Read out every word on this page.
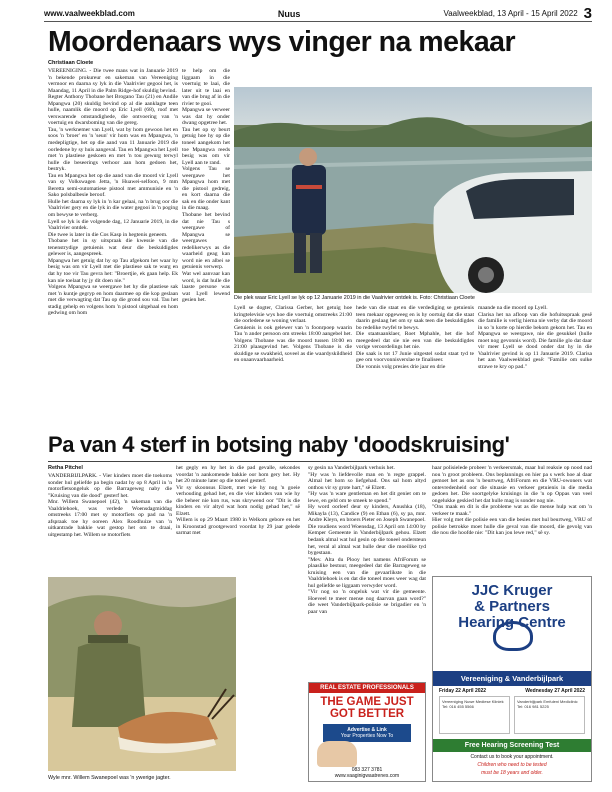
www.vaalweekblad.com	Nuus	Vaalweekblad, 13 April - 15 April 2022 3
Moordenaars wys vinger na mekaar
Christiaan Cloete

VEREENIGING. - Die twee mans wat in Januarie 2019 'n bekende prokureur en sakeman van Vereeniging vermoor en daarna sy lyk in die Vaalrivier gegooi het, is Maandag, 11 April in die Palm Ridge-hof skuldig bevind.

Regter Anthony Thobane het Brogano Tau (21) en Andile Mpangwa (20) skuldig bevind op al die aanklagte teen hulle, naamlik die moord op Eric Lyell (68), roof met verswarende omstandighede, die ontvoering van 'n voertuig en dwarsboming van die gereg.

Tau, 'n werknemer van Lyell, wat by hom gewoon het en soos 'n 'broer' en 'n 'seun' vir hom was en Mpangwa, 'n medepligtige, het op die aand van 11 Januarie 2019 die oorledene by sy huis aangeval. Tau en Mpangwa het Lyell met 'n plastiese geskoen en met 'n tou gewurg terwyl hulle die beseerings verhoor aan hom gedoen het, bestryk.

Tau en Mpangwa het op die aand van die moord vir Lyell van sy Volkswagen Jetta, 'n Huawei-selfoon, 9 mm Beretta semi-outomatiese pistool met ammunisie en 'n Sako polsbalbesie beroof.

Hulle het daarna sy lyk in 'n kar gelaai, na 'n brug oor die Vaalrivier gery en die lyk in die water gegooi in 'n poging om bewyse te verberg.

Lyell se lyk is die volgende dag, 12 Januarie 2019, in die Vaalrivier ontdek.

Die twee is later in die Cos Kasp in hegtenis geneem.

Thobane het in sy uitspraak die kwessie van die tenenstrydige getuienis wat deur die beskuldigdes gelewer is, aangespreek.

Mpangwa het getuig dat hy op Tau afgekom het waar hy besig was om vir Lyell met die plastiese sak te wurg en dat hy toe vir Tau gevra het: "Broertjie, ek gaan help. Ek kan nie toelaat hy jy dit doen nie."

Volgens Mpangwa se weergawe het hy die plastiese sak met 'n kuntje gegryp en hom daarmee op die kop geslaan met die verwagting dat Tau op die grond sou val. Tau het stadig gehelp en volgens hom 'n pistool uitgehaal en hom gedwing om hom

te help om die liggaam in die voertuig te laai, die later uit te laai en van die brug af in die rivier te gooi.

Mpangwa se verweer was dat hy onder dwang opgetree het.

Tau het op sy beurt getuig hoe hy op die toneel aangekom het toe Mpangwa reeds besig was om vir Lyell aan te rand.

Volgens Tau se weergawe het Mpangwa hom met die pistool gedreig, en kort daarna die sak en die onder kant in die maag.

Thobane het bevind dat nie Tau s weergawe of Mpangwa se weergawes redelikerwys as die waarheid geag kan word nie en albei se getuienis verwerp.

Wat wel aanvaar kan word, is dat hulle die laaste persone was wat Lyell lewend gesien het.	Die plek waar Eric Lyell se lyk op 12 Januarie 2019 in die Vaalrivier ontdek is. Foto: Christiaan Cloete

Lyell se dogter, Clarissa Gerber, het getuig hoe kringtelevisie wys hoe die voertuig omstreeks 21:00 die oorledene se woning verlaat.

Getuienis is ook gelewer van 'n foonrpoep waarin Tau 'n ander persoon om streeks 18:00 aangebel het. Volgens Thobane was die moord tussen 18:00 en 21:00 plaasgevind het. Volgens Thobane is die skuldige se swakheid, soveel as die waardyskildheid en onaanvaarbaarheid.

hede van die staat en die verdediging se getuienis teen mekaar opgeweeg en is hy oortuig dat die staat daarin geslaag het om sy saak teen die beskuldigdes bo redelike twyfel te bewys.

Die staatsaanklaer, Roet Mphahle, het die hof meegedeel dat sie nie een van die beskuldigdes vorige veroordelings het nie.

Die saak is tot 17 Junie uitgestel sodat staat tyd te gee om voorvonnisverslae te finaliseer.

Die vonnis volg presies drie jaar en drie

maande na die moord op Lyell.

Clarisa het na afloop van die hofuitsspraak gesê die familie is verlig hierna nie verby dat die moord in so 'n korte op hierdie bekom gekom het. Tau en Mpangwa se weergawe, nie die gesukkel (hulle moet nog gevonnis word). Die familie glo dat daar vir meer Lyell se dood onder dat hy in die Vaalrivier gevind is op 11 Januarie 2019. Clarisa het aan Vaalweekblad gesê: "Familie om sulke strawe te kry op pad."

Pa van 4 sterf in botsing naby 'doodskruising'
Retha Pitchel

VANDERBIJLPARK. - Vier kinders moet die toekoms sonder hul geliefde pa begin nadat hy op 8 April in 'n motorfietsongeluk op die Barrageweg naby die "Kruising van die dood" gesterf het.

Mnr. Willem Swanepoel (42), 'n sakeman van die Vaaldriehoek, was verlede Woensdagmiddag omstreeks 17:00 met sy motorfiets op pad na 'n afspraak toe hy ooreen Alex Roodhuize van 'n uitkantrade bakkie wat gestop het om te draai, uitgestamp het. Willem se motorfiets

het gegly en hy het in die pad gevalle, sekondes voordat 'n aankomende bakkie oor hom gery het. Hy het 20 minute later op die toneel gesterf.

Vir sy skoonsus Elzett, met wie hy nog 'n goeie verhouding gehad het, en die vier kinders van wie hy die beheer nie kon rus, was skrywend oor "Dit is die kinders en vir altyd wat hom nodig gehad het," sê Elzett.

Willem is op 29 Maart 1980 in Welkom gebore en het in Kroonstad grootgeword voordat hy 29 jaar gelede sarmat met

sy gesin na Vanderbijlpark verhuis het.

"Hy was 'n liefdevolle man en 'n regte grappel. Almal het hom so liefgehad. Ons sal hom altyd onthou vir sy grote hart," sê Elzett.

"Hy was 'n ware gentleman en het dit geniet om te lewe, en geld om te smeek te spend."

Hy word oorleef deur sy kinders, Anushka (18), Mikayla (13), Candice (9) en Ethan (6), sy pa, mnr. Andre Kleyn, en broers Pieter en Joseph Swanepoel.

Die roudiens word Woensdag, 13 April om 14:00 by Kemper Gemeente in Vanderbijlpark gehou. Elzett bedank almal wat hul gesin op die toneel ondersteun het, veral al almal wat hulle deur die moeilike tyd bygestaan.

"Mev. Alta du Plooy het namens AfriForum se plaaslike bestuur, meegedeel dat die Barrageweg se kruising een van die gevaarlikste in die Vaaldriehoek is en dat die toneel moes weer wag dat hul geliefde se liggaam verwyder word.

"Vir nog so 'n ongeluk wat vir die gemeente. Hoeveel te meer mense nog daarvan gaan word?" die weet Vanderbijlpark-polisie se brigadier en 'n paar van

haar polisielede probeer 'n verkeersmak, maar hul reaksie op nood nad nou 'n groot probleem. Ons beplannings en hier pa s werk hoe al daar gemoet het as ons 'n beurtweg, AfriForum en die VRU-owoners wat ontevredenheid oor die situasie en verkeer getuienis in die media gedoen het. Die soortgelyke kruisings in die 'n op Oppas van veel ongelukke geskied het dat hulle mag is sonder nog nie.

"Ons maak en dit is die probleme wat as die mense hulp wat om 'n verkeer te maak."

Hier volg met die polisie een van die besies met hul beurtweg, VRU of polisie betrokke moet hulle die geval van die moord, die gevolg van die nou die hoofde nie: "Dit kan jou lewe red," sê sy.

Wyle mnr. Willem Swanepoel was 'n ywerige jagter.
REAL ESTATE PROFESSIONALS
THE GAME JUST GOT BETTER
Advertise & Link
Your Properties Now To
083 327 3781
www.vaaginigwaatrenes.com
JJC Kruger
& Partners
Hearing Centre
Vereeniging & Vanderbijlpark
Friday 22 April 2022	Wednesday 27 April 2022
Vereeniging Nuwe Mediese Kliniek Tel: 016 455 5566
Vanderbijlpark Emfuleni Mediclinic Tel: 016 981 5225
Free Hearing Screening Test
Contact us to book your appointment.
Children who need to be tested
must be 18 years and older.
